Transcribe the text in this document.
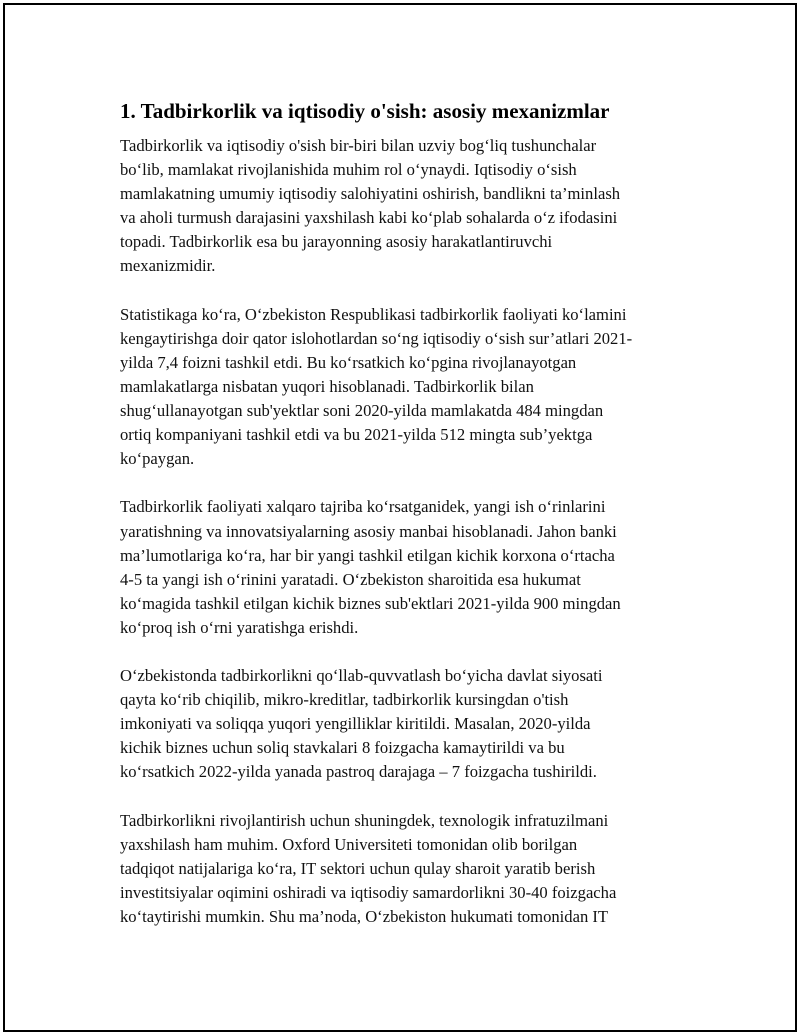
1. Tadbirkorlik va iqtisodiy o'sish: asosiy mexanizmlar

Tadbirkorlik va iqtisodiy o'sish bir-biri bilan uzviy bog‘liq tushunchalar
bo‘lib, mamlakat rivojlanishida muhim rol o‘ynaydi. Iqtisodiy o‘sish
mamlakatning umumiy iqtisodiy salohiyatini oshirish, bandlikni ta’minlash
va aholi turmush darajasini yaxshilash kabi ko‘plab sohalarda o‘z ifodasini
topadi. Tadbirkorlik esa bu jarayonning asosiy harakatlantiruvchi
mexanizmidir.

Statistikaga ko‘ra, O‘zbekiston Respublikasi tadbirkorlik faoliyati ko‘lamini
kengaytirishga doir qator islohotlardan so‘ng iqtisodiy o‘sish sur’atlari 2021-
yilda 7,4 foizni tashkil etdi. Bu ko‘rsatkich ko‘pgina rivojlanayotgan
mamlakatlarga nisbatan yuqori hisoblanadi. Tadbirkorlik bilan
shug‘ullanayotgan sub'yektlar soni 2020-yilda mamlakatda 484 mingdan
ortiq kompaniyani tashkil etdi va bu 2021-yilda 512 mingta sub’yektga
ko‘paygan.

Tadbirkorlik faoliyati xalqaro tajriba ko‘rsatganidek, yangi ish o‘rinlarini
yaratishning va innovatsiyalarning asosiy manbai hisoblanadi. Jahon banki
ma’lumotlariga ko‘ra, har bir yangi tashkil etilgan kichik korxona o‘rtacha
4-5 ta yangi ish o‘rinini yaratadi. O‘zbekiston sharoitida esa hukumat
ko‘magida tashkil etilgan kichik biznes sub'ektlari 2021-yilda 900 mingdan
ko‘proq ish o‘rni yaratishga erishdi.

O‘zbekistonda tadbirkorlikni qo‘llab-quvvatlash bo‘yicha davlat siyosati
qayta ko‘rib chiqilib, mikro-kreditlar, tadbirkorlik kursingdan o'tish
imkoniyati va soliqqa yuqori yengilliklar kiritildi. Masalan, 2020-yilda
kichik biznes uchun soliq stavkalari 8 foizgacha kamaytirildi va bu
ko‘rsatkich 2022-yilda yanada pastroq darajaga – 7 foizgacha tushirildi.

Tadbirkorlikni rivojlantirish uchun shuningdek, texnologik infratuzilmani
yaxshilash ham muhim. Oxford Universiteti tomonidan olib borilgan
tadqiqot natijalariga ko‘ra, IT sektori uchun qulay sharoit yaratib berish
investitsiyalar oqimini oshiradi va iqtisodiy samardorlikni 30-40 foizgacha
ko‘taytirishi mumkin. Shu ma’noda, O‘zbekiston hukumati tomonidan IT
